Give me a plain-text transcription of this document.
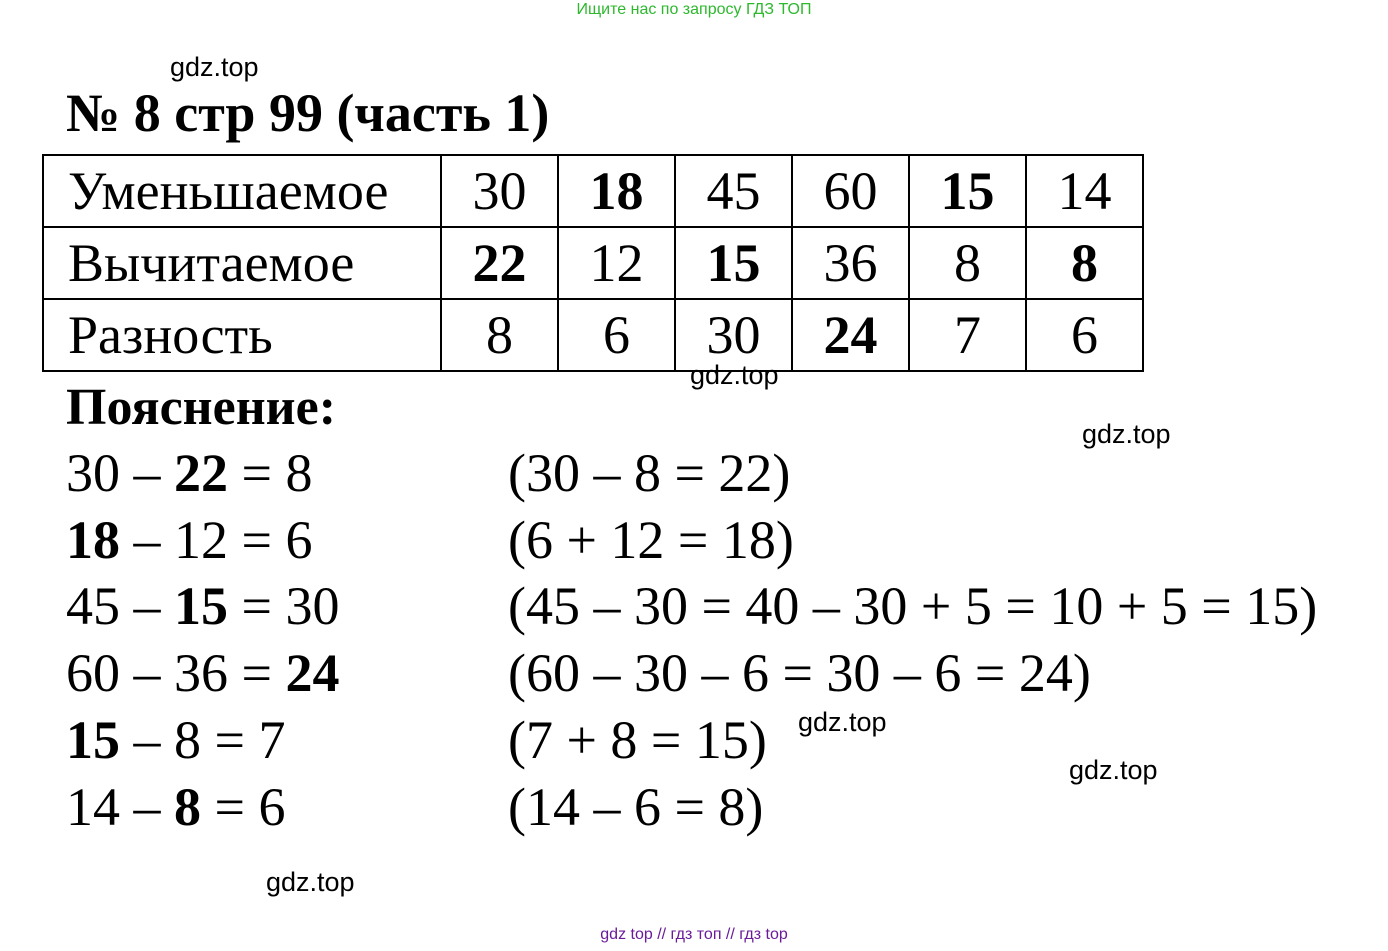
Ищите нас по запросу ГДЗ ТОП
gdz.top
gdz.top
gdz.top
gdz.top
gdz.top
gdz.top
№ 8 стр 99 (часть 1)
Уменьшаемое	30	18	45	60	15	14
Вычитаемое	22	12	15	36	8	8
Разность	8	6	30	24	7	6
Пояснение:
30 – 22 = 8	(30 – 8 = 22)
18 – 12 = 6	(6 + 12 = 18)
45 – 15 = 30	(45 – 30 = 40 – 30 + 5 = 10 + 5 = 15)
60 – 36 = 24	(60 – 30 – 6 = 30 – 6 = 24)
15 – 8 = 7	(7 + 8 = 15)
14 – 8 = 6	(14 – 6 = 8)
gdz top // гдз топ // гдз top
